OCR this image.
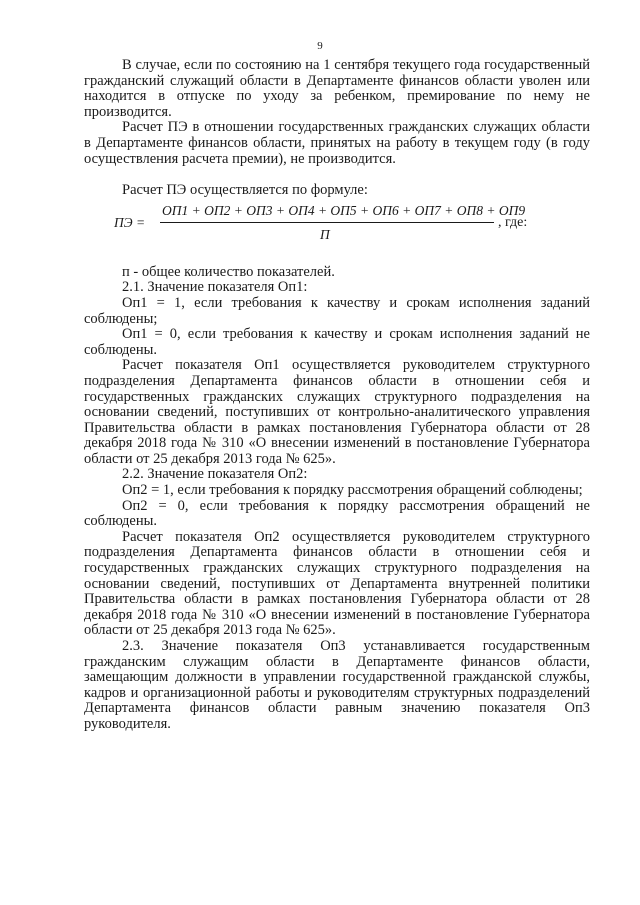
9

В случае, если по состоянию на 1 сентября текущего года государственный гражданский служащий области в Департаменте финансов области уволен или находится в отпуске по уходу за ребенком, премирование по нему не производится.

Расчет ПЭ в отношении государственных гражданских служащих области в Департаменте финансов области, принятых на работу в текущем году (в году осуществления расчета премии), не производится.

Расчет ПЭ осуществляется по формуле:

ПЭ =
ОП1 + ОП2 + ОП3 + ОП4 + ОП5 + ОП6 + ОП7 + ОП8 + ОП9
П
, где:

п - общее количество показателей.

2.1. Значение показателя Оп1:

Оп1 = 1, если требования к качеству и срокам исполнения заданий соблюдены;

Оп1 = 0, если требования к качеству и срокам исполнения заданий не соблюдены.

Расчет показателя Оп1 осуществляется руководителем структурного подразделения Департамента финансов области в отношении себя и государственных гражданских служащих структурного подразделения на основании сведений, поступивших от контрольно-аналитического управления Правительства области в рамках постановления Губернатора области от 28 декабря 2018 года № 310 «О внесении изменений в постановление Губернатора области от 25 декабря 2013 года № 625».

2.2. Значение показателя Оп2:

Оп2 = 1, если требования к порядку рассмотрения обращений соблюдены;

Оп2 = 0, если требования к порядку рассмотрения обращений не соблюдены.

Расчет показателя Оп2 осуществляется руководителем структурного подразделения Департамента финансов области в отношении себя и государственных гражданских служащих структурного подразделения на основании сведений, поступивших от Департамента внутренней политики Правительства области в рамках постановления Губернатора области от 28 декабря 2018 года № 310 «О внесении изменений в постановление Губернатора области от 25 декабря 2013 года № 625».

2.3. Значение показателя Оп3 устанавливается государственным гражданским служащим области в Департаменте финансов области, замещающим должности в управлении государственной гражданской службы, кадров и организационной работы и руководителям структурных подразделений Департамента финансов области равным значению показателя Оп3 руководителя.
